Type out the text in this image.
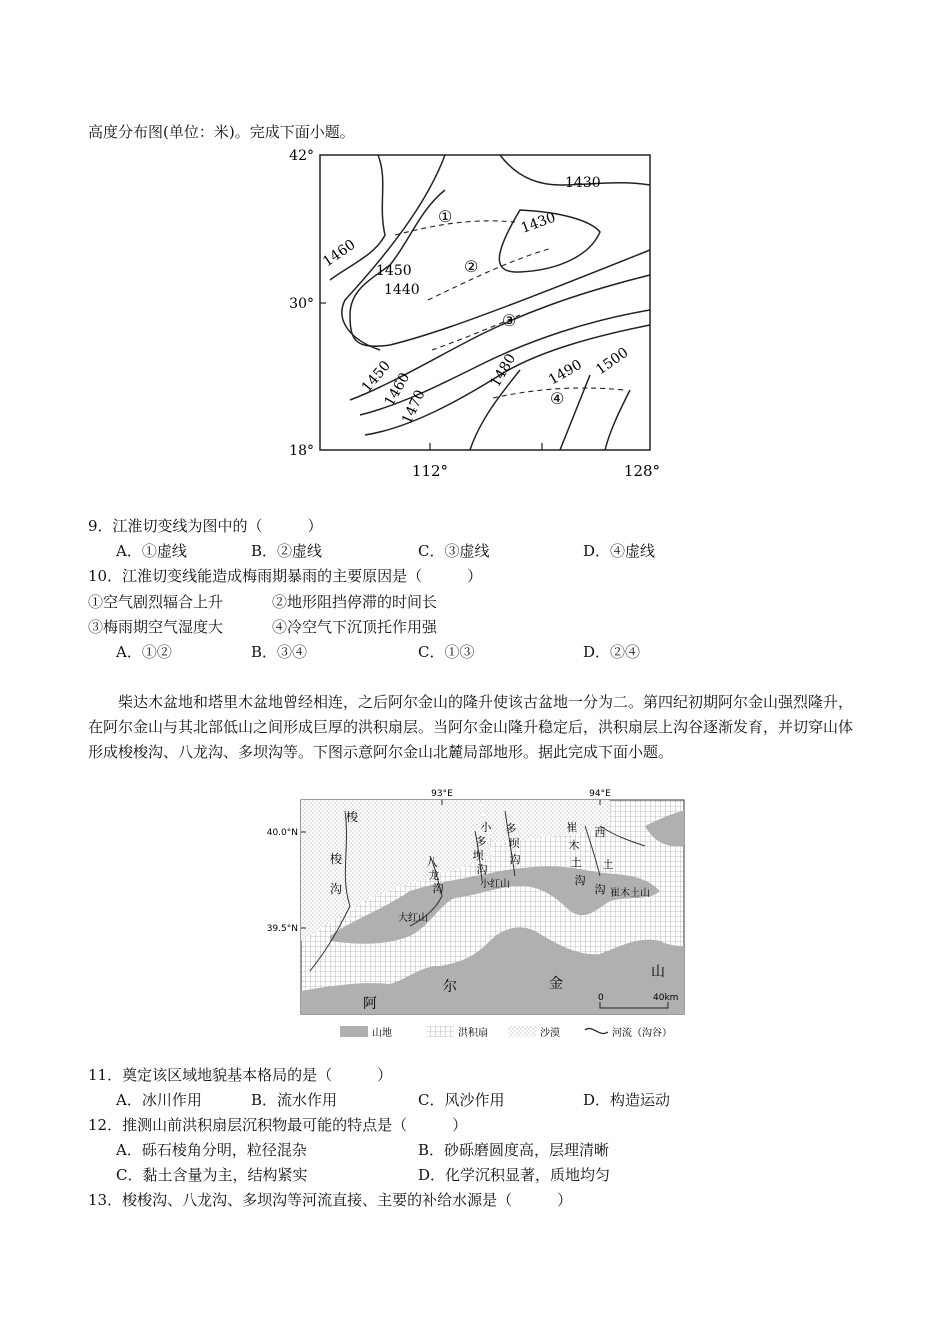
高度分布图(单位：米)。完成下面小题。
42°
30°
18°
112°	128°
1430
1430
1460
1450
1440
1450
1460
1470
1480 1490 1500
①
②
③
④
9．江淮切变线为图中的（　　　）
A．①虚线	B．②虚线	C．③虚线	D．④虚线
10．江淮切变线能造成梅雨期暴雨的主要原因是（　　　）
①空气剧烈辐合上升	②地形阻挡停滞的时间长
③梅雨期空气湿度大	④冷空气下沉顶托作用强
A．①②	B．③④	C．①③	D．②④
柴达木盆地和塔里木盆地曾经相连，之后阿尔金山的隆升使该古盆地一分为二。第四纪初期阿尔金山强烈隆升，在阿尔金山与其北部低山之间形成巨厚的洪积扇层。当阿尔金山隆升稳定后，洪积扇层上沟谷逐渐发育，并切穿山体形成梭梭沟、八龙沟、多坝沟等。下图示意阿尔金山北麓局部地形。据此完成下面小题。
93°E	94°E
40.0°N
39.5°N
梭
梭
沟
八
龙
沟
小
多
坝
沟
多
坝
沟
崔
木
土
沟
西
土
沟
大红山
小红山
崔木土山
阿
尔	金
山
0	40km
山地	洪积扇	沙漠	河流（沟谷）
11．奠定该区域地貌基本格局的是（　　　）
A．冰川作用	B．流水作用	C．风沙作用	D．构造运动
12．推测山前洪积扇层沉积物最可能的特点是（　　　）
A．砾石棱角分明，粒径混杂	B．砂砾磨圆度高，层理清晰
C．黏土含量为主，结构紧实	D．化学沉积显著，质地均匀
13．梭梭沟、八龙沟、多坝沟等河流直接、主要的补给水源是（　　　）
